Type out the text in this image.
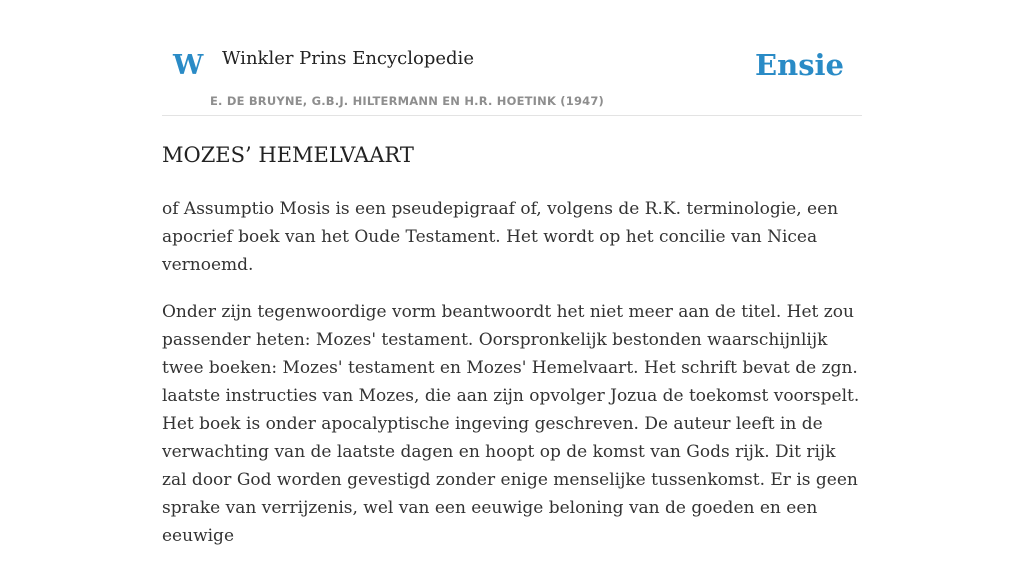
W Winkler Prins Encyclopedie
E. DE BRUYNE, G.B.J. HILTERMANN EN H.R. HOETINK (1947)
Ensie
MOZES’ HEMELVAART

of Assumptio Mosis is een pseudepigraaf of, volgens de R.K. terminologie, een apocrief boek van het Oude Testament. Het wordt op het concilie van Nicea vernoemd.

Onder zijn tegenwoordige vorm beantwoordt het niet meer aan de titel. Het zou passender heten: Mozes' testament. Oorspronkelijk bestonden waarschijnlijk twee boeken: Mozes' testament en Mozes' Hemelvaart. Het schrift bevat de zgn. laatste instructies van Mozes, die aan zijn opvolger Jozua de toekomst voorspelt. Het boek is onder apocalyptische ingeving geschreven. De auteur leeft in de verwachting van de laatste dagen en hoopt op de komst van Gods rijk. Dit rijk zal door God worden gevestigd zonder enige menselijke tussenkomst. Er is geen sprake van verrijzenis, wel van een eeuwige beloning van de goeden en een eeuwige
